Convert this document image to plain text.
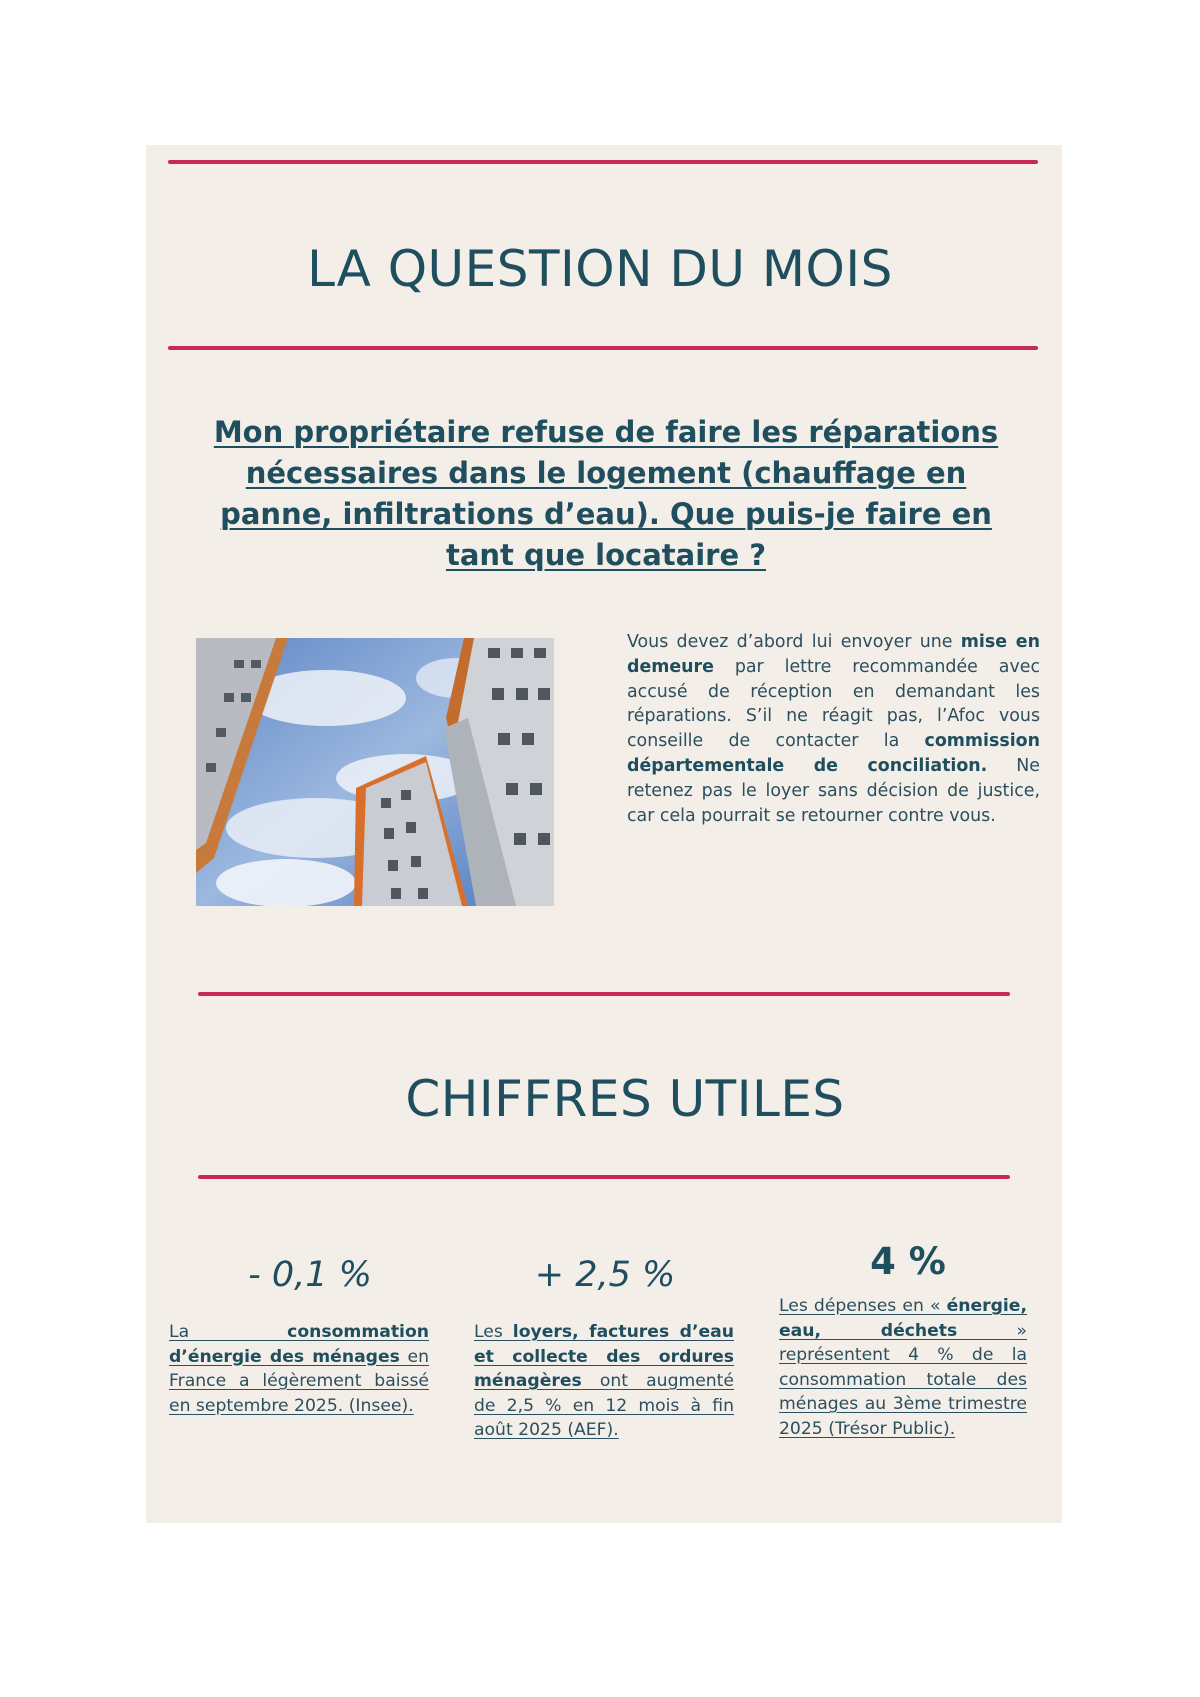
LA QUESTION DU MOIS
Mon propriétaire refuse de faire les réparations nécessaires dans le logement (chauffage en panne, infiltrations d’eau). Que puis-je faire en tant que locataire ?

Vous devez d’abord lui envoyer une mise en demeure par lettre recommandée avec accusé de réception en demandant les réparations. S’il ne réagit pas, l’Afoc vous conseille de contacter la commission départementale de conciliation. Ne retenez pas le loyer sans décision de justice, car cela pourrait se retourner contre vous.

CHIFFRES UTILES

- 0,1 %

La consommation d’énergie des ménages en France a légèrement baissé en septembre 2025. (Insee).

+ 2,5 %

Les loyers, factures d’eau et collecte des ordures ménagères ont augmenté de 2,5 % en 12 mois à fin août 2025 (AEF).

4 %

Les dépenses en « énergie, eau, déchets » représentent 4 % de la consommation totale des ménages au 3ème trimestre 2025 (Trésor Public).
